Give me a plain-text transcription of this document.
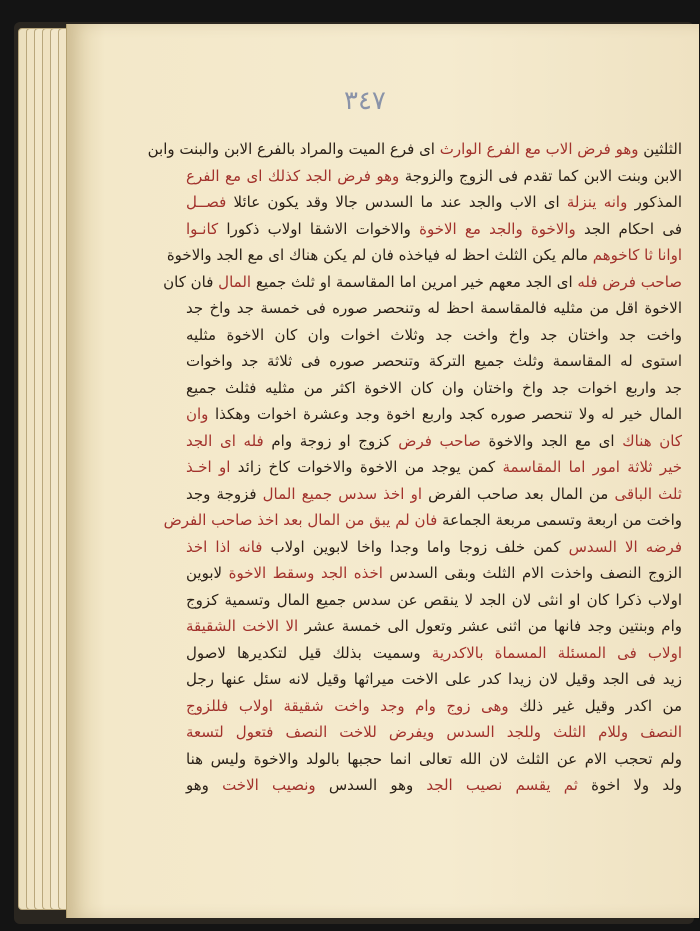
٣٤٧
الثلثين وهو فرض الاب مع الفرع الوارث اى فرع الميت والمراد بالفرع الابن والبنت وابن
الابن وبنت الابن كما تقدم فى الزوج والزوجة وهو فرض الجد كذلك اى مع الفرع
المذكور وانه ينزلة اى الاب والجد عند ما السدس جالا وقد يكون عائلا فصــل
فى احكام الجد والاخوة والجد مع الاخوة والاخوات الاشقا اولاب ذكورا كانـوا
اوانا ثا كاخوهم مالم يكن الثلث احظ له فياخذه فان لم يكن هناك اى مع الجد والاخوة
صاحب فرض فله اى الجد معهم خير امرين اما المقاسمة او ثلث جميع المال فان كان
الاخوة اقل من مثليه فالمقاسمة احظ له وتنحصر صوره فى خمسة جد واخ جد
واخت جد واختان جد واخ واخت جد وثلاث اخوات وان كان الاخوة مثليه
استوى له المقاسمة وثلث جميع التركة وتنحصر صوره فى ثلاثة جد واخوات
جد واربع اخوات جد واخ واختان وان كان الاخوة اكثر من مثليه فثلث جميع
المال خير له ولا تنحصر صوره كجد واربع اخوة وجد وعشرة اخوات وهكذا وان
كان هناك اى مع الجد والاخوة صاحب فرض كزوج او زوجة وام فله اى الجد
خير ثلاثة امور اما المقاسمة كمن يوجد من الاخوة والاخوات كاخ زائد او اخـذ
ثلث الباقى من المال بعد صاحب الفرض او اخذ سدس جميع المال فزوجة وجد
واخت من اربعة وتسمى مربعة الجماعة فان لم يبق من المال بعد اخذ صاحب الفرض
فرضه الا السدس كمن خلف زوجا واما وجدا واخا لابوين اولاب فانه اذا اخذ
الزوج النصف واخذت الام الثلث وبقى السدس اخذه الجد وسقط الاخوة لابوين
اولاب ذكرا كان او انثى لان الجد لا ينقص عن سدس جميع المال وتسمية كزوج
وام وبنتين وجد فانها من اثنى عشر وتعول الى خمسة عشر الا الاخت الشقيقة
اولاب فى المسئلة المسماة بالاكدرية وسميت بذلك قيل لتكديرها لاصول
زيد فى الجد وقيل لان زيدا كدر على الاخت ميراثها وقيل لانه سئل عنها رجل
من اكدر وقيل غير ذلك وهى زوج وام وجد واخت شقيقة اولاب فللزوج
النصف وللام الثلث وللجد السدس ويفرض للاخت النصف فتعول لتسعة
ولم تحجب الام عن الثلث لان الله تعالى انما حجبها بالولد والاخوة وليس هنا
ولد ولا اخوة ثم يقسم نصيب الجد وهو السدس ونصيب الاخت وهو
